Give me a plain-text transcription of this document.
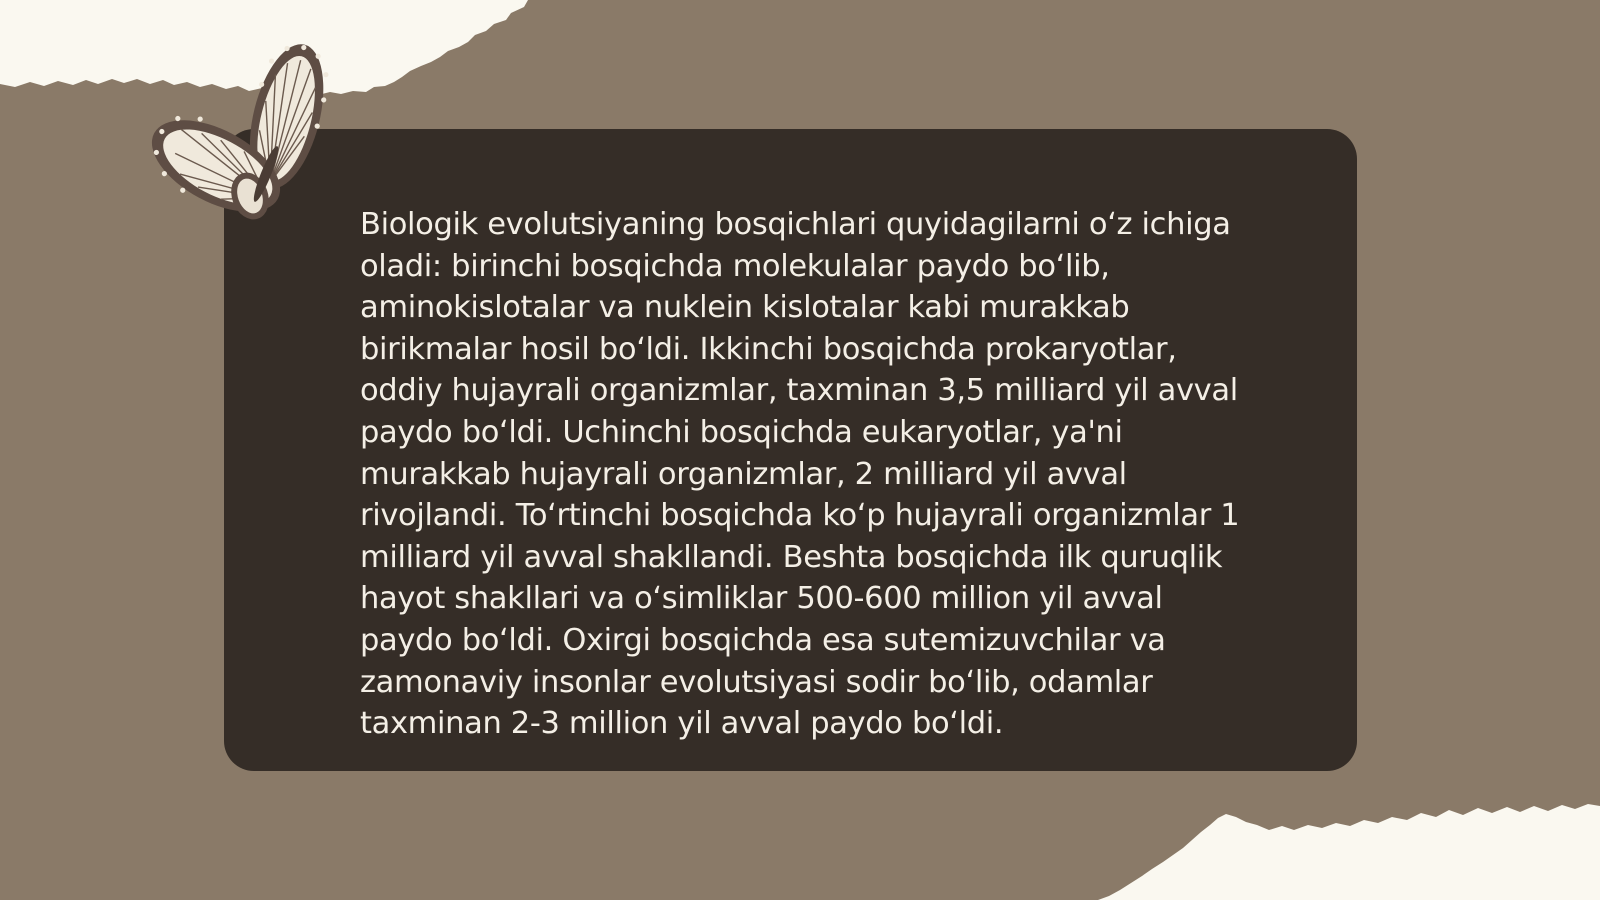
Biologik evolutsiyaning bosqichlari quyidagilarni o‘z ichiga oladi: birinchi bosqichda molekulalar paydo bo‘lib, aminokislotalar va nuklein kislotalar kabi murakkab birikmalar hosil bo‘ldi. Ikkinchi bosqichda prokaryotlar, oddiy hujayrali organizmlar, taxminan 3,5 milliard yil avval paydo bo‘ldi. Uchinchi bosqichda eukaryotlar, ya'ni murakkab hujayrali organizmlar, 2 milliard yil avval rivojlandi. To‘rtinchi bosqichda ko‘p hujayrali organizmlar 1 milliard yil avval shakllandi. Beshta bosqichda ilk quruqlik hayot shakllari va o‘simliklar 500-600 million yil avval paydo bo‘ldi. Oxirgi bosqichda esa sutemizuvchilar va zamonaviy insonlar evolutsiyasi sodir bo‘lib, odamlar taxminan 2-3 million yil avval paydo bo‘ldi.
